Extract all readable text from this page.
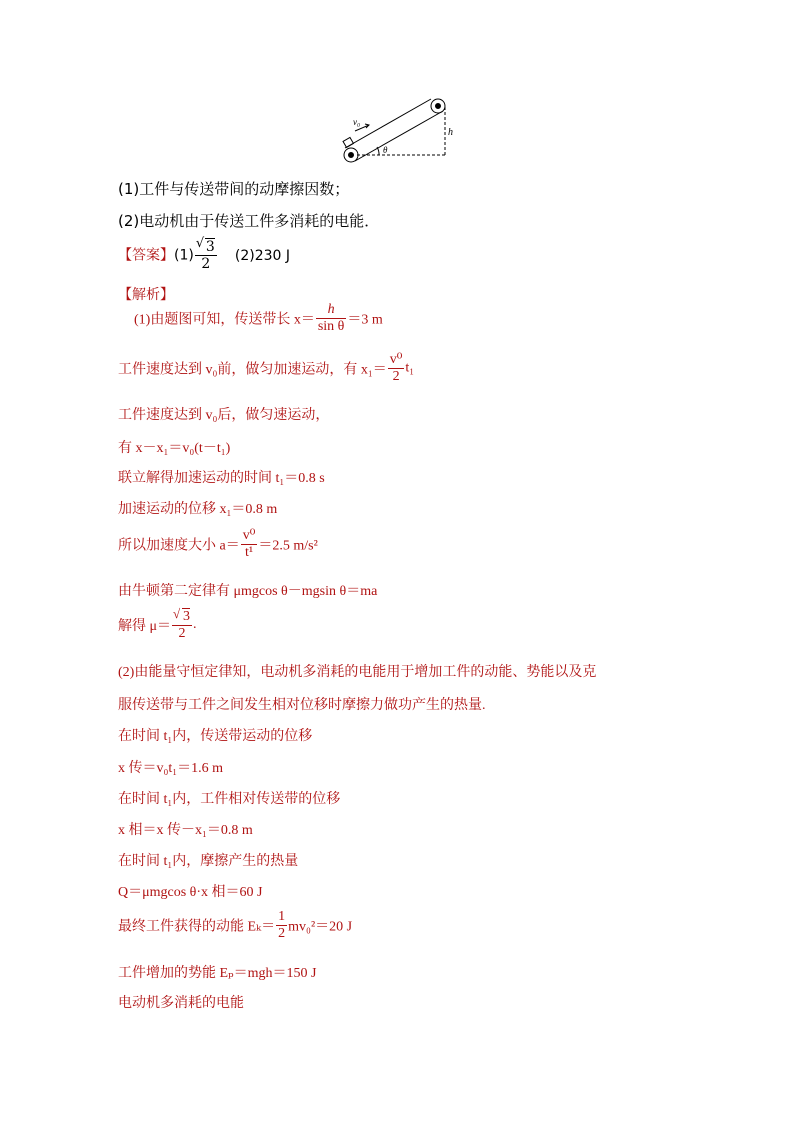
v₀
h
θ
(1)工件与传送带间的动摩擦因数；
(2)电动机由于传送工件多消耗的电能．
【答案】(1) √ $\frac{3}{2} (2)230$ J
【解析】
(1)由题图可知，传送带长 $x= \frac{h}{\text{sin θ}} =3$ m
工件速度达到 v₀前，做匀加速运动，有 $x_1= \frac{\text{v⁰}}{2} t_1$
工件速度达到 v₀后，做匀速运动，
有 x－x₁＝v₀(t－t₁)
联立解得加速运动的时间 t₁＝0.8 s
加速运动的位移 x₁＝0.8 m
所以加速度大小 $a= \frac{\text{v⁰}}{\text{t¹}} =2.5$ m/s²
由牛顿第二定律有 μmgcos θ－mgsin θ＝ma
解得 μ＝ √ $\frac{3}{2}$ .
(2)由能量守恒定律知，电动机多消耗的电能用于增加工件的动能、势能以及克
服传送带与工件之间发生相对位移时摩擦力做功产生的热量.
在时间 t₁内，传送带运动的位移
x 传＝v₀t₁＝1.6 m
在时间 t₁内，工件相对传送带的位移
x 相＝x 传－x₁＝0.8 m
在时间 t₁内，摩擦产生的热量
Q＝μmgcos θ·x 相＝60 J
最终工件获得的动能 $E_k= \frac{1}{2} mv_0^2=20$ J
工件增加的势能 Eₚ＝mgh＝150 J
电动机多消耗的电能
